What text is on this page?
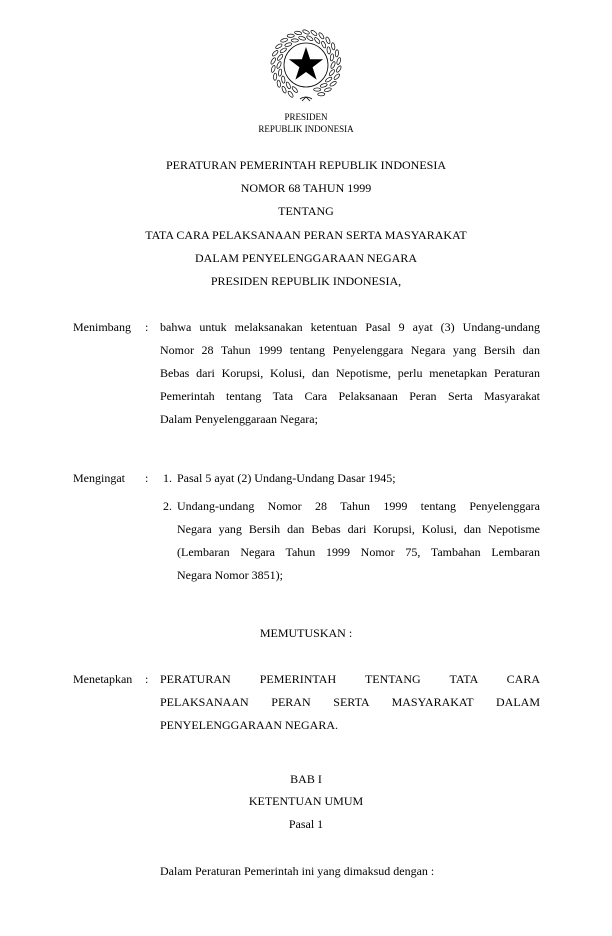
PRESIDEN
REPUBLIK INDONESIA
PERATURAN PEMERINTAH REPUBLIK INDONESIA
NOMOR 68 TAHUN 1999
TENTANG
TATA CARA PELAKSANAAN PERAN SERTA MASYARAKAT
DALAM PENYELENGGARAAN NEGARA
PRESIDEN REPUBLIK INDONESIA,
Menimbang : bahwa untuk melaksanakan ketentuan Pasal 9 ayat (3) Undang-undang
Nomor 28 Tahun 1999 tentang Penyelenggara Negara yang Bersih dan
Bebas dari Korupsi, Kolusi, dan Nepotisme, perlu menetapkan Peraturan
Pemerintah tentang Tata Cara Pelaksanaan Peran Serta Masyarakat
Dalam Penyelenggaraan Negara;
Mengingat : 1. Pasal 5 ayat (2) Undang-Undang Dasar 1945;
2. Undang-undang Nomor 28 Tahun 1999 tentang Penyelenggara
Negara yang Bersih dan Bebas dari Korupsi, Kolusi, dan Nepotisme
(Lembaran Negara Tahun 1999 Nomor 75, Tambahan Lembaran
Negara Nomor 3851);
MEMUTUSKAN :
Menetapkan : PERATURAN PEMERINTAH TENTANG TATA CARA
PELAKSANAAN PERAN SERTA MASYARAKAT DALAM
PENYELENGGARAAN NEGARA.
BAB I
KETENTUAN UMUM
Pasal 1
Dalam Peraturan Pemerintah ini yang dimaksud dengan :
